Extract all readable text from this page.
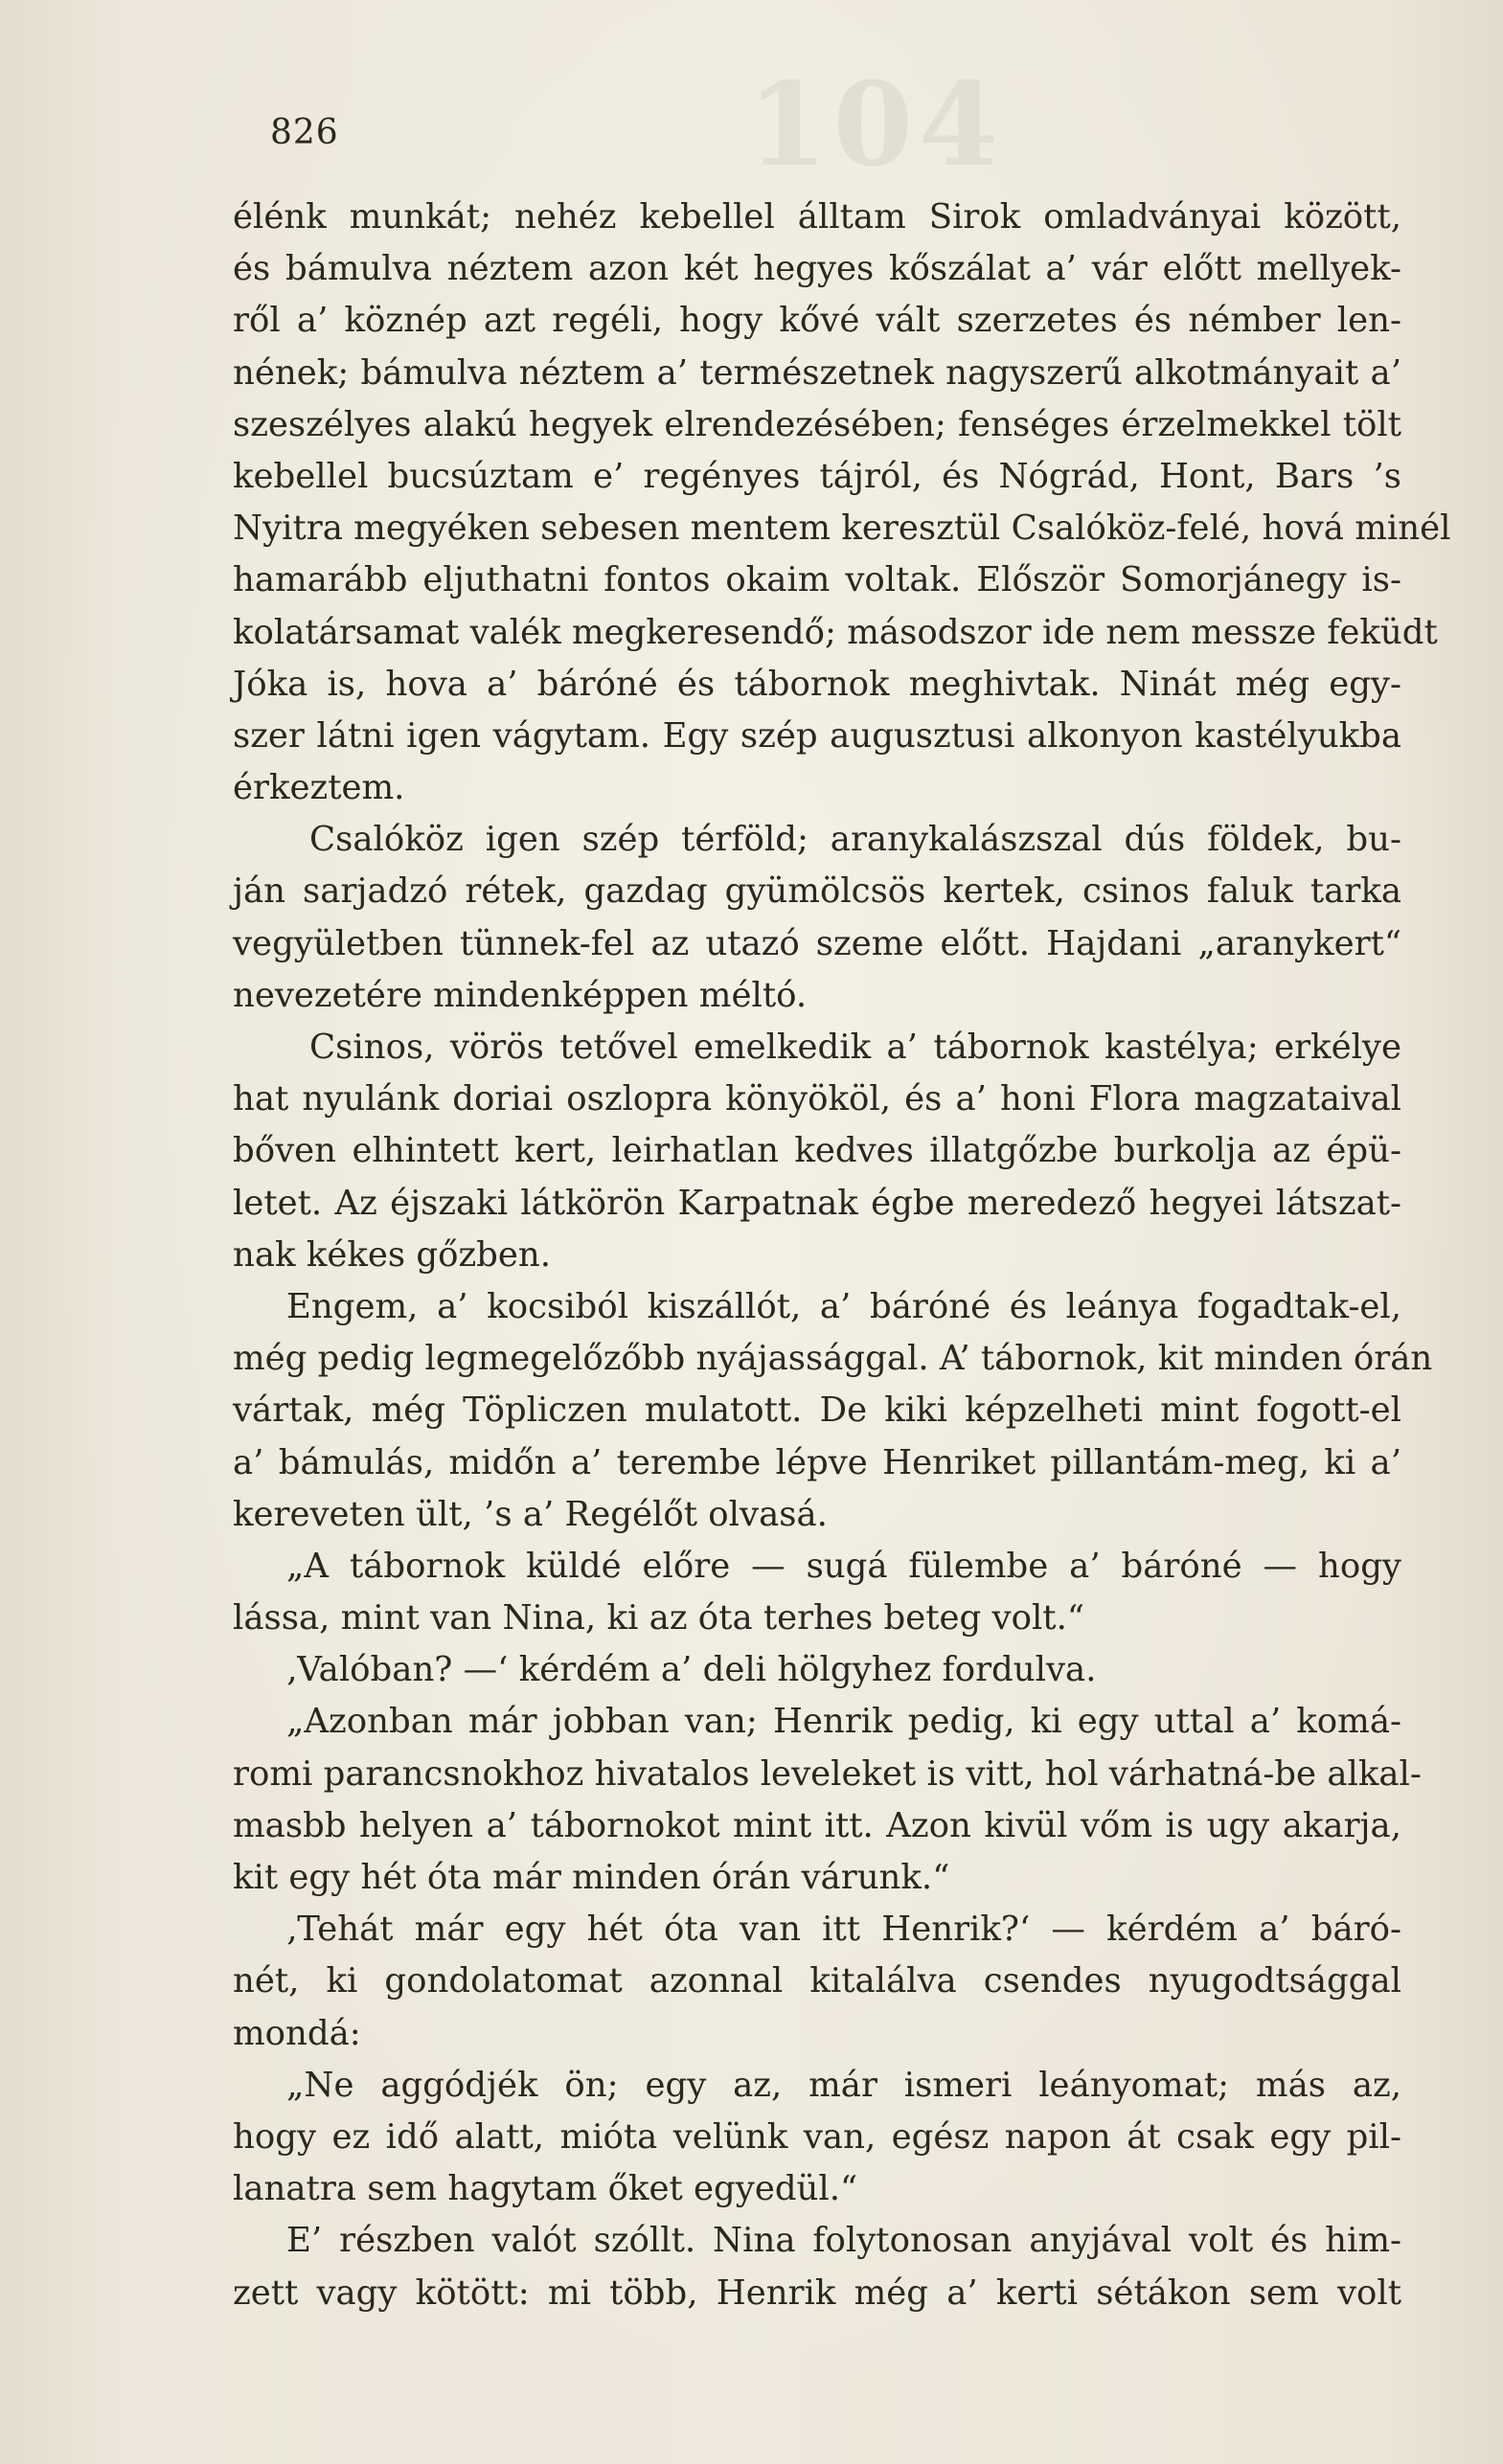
104
826
élénk munkát; nehéz kebellel álltam Sirok omladványai között,
és bámulva néztem azon két hegyes kőszálat a’ vár előtt mellyek-
ről a’ köznép azt regéli, hogy kővé vált szerzetes és némber len-
nének; bámulva néztem a’ természetnek nagyszerű alkotmányait a’
szeszélyes alakú hegyek elrendezésében; fenséges érzelmekkel tölt
kebellel bucsúztam e’ regényes tájról, és Nógrád, Hont, Bars ’s
Nyitra megyéken sebesen mentem keresztül Csalóköz-felé, hová minél
hamarább eljuthatni fontos okaim voltak. Először Somorjánegy is-
kolatársamat valék megkeresendő; másodszor ide nem messze feküdt
Jóka is, hova a’ báróné és tábornok meghivtak. Ninát még egy-
szer látni igen vágytam. Egy szép augusztusi alkonyon kastélyukba
érkeztem.
Csalóköz igen szép térföld; aranykalászszal dús földek, bu-
ján sarjadzó rétek, gazdag gyümölcsös kertek, csinos faluk tarka
vegyületben tünnek-fel az utazó szeme előtt. Hajdani „aranykert“
nevezetére mindenképpen méltó.
Csinos, vörös tetővel emelkedik a’ tábornok kastélya; erkélye
hat nyulánk doriai oszlopra könyököl, és a’ honi Flora magzataival
bőven elhintett kert, leirhatlan kedves illatgőzbe burkolja az épü-
letet. Az éjszaki látkörön Karpatnak égbe meredező hegyei látszat-
nak kékes gőzben.
Engem, a’ kocsiból kiszállót, a’ báróné és leánya fogadtak-el,
még pedig legmegelőzőbb nyájassággal. A’ tábornok, kit minden órán
vártak, még Töpliczen mulatott. De kiki képzelheti mint fogott-el
a’ bámulás, midőn a’ terembe lépve Henriket pillantám-meg, ki a’
kereveten ült, ’s a’ Regélőt olvasá.
„A tábornok küldé előre — sugá fülembe a’ báróné — hogy
lássa, mint van Nina, ki az óta terhes beteg volt.“
‚Valóban? —‘ kérdém a’ deli hölgyhez fordulva.
„Azonban már jobban van; Henrik pedig, ki egy uttal a’ komá-
romi parancsnokhoz hivatalos leveleket is vitt, hol várhatná-be alkal-
masbb helyen a’ tábornokot mint itt. Azon kivül vőm is ugy akarja,
kit egy hét óta már minden órán várunk.“
‚Tehát már egy hét óta van itt Henrik?‘ — kérdém a’ báró-
nét, ki gondolatomat azonnal kitalálva csendes nyugodtsággal
mondá:
„Ne aggódjék ön; egy az, már ismeri leányomat; más az,
hogy ez idő alatt, mióta velünk van, egész napon át csak egy pil-
lanatra sem hagytam őket egyedül.“
E’ részben valót szóllt. Nina folytonosan anyjával volt és him-
zett vagy kötött: mi több, Henrik még a’ kerti sétákon sem volt
